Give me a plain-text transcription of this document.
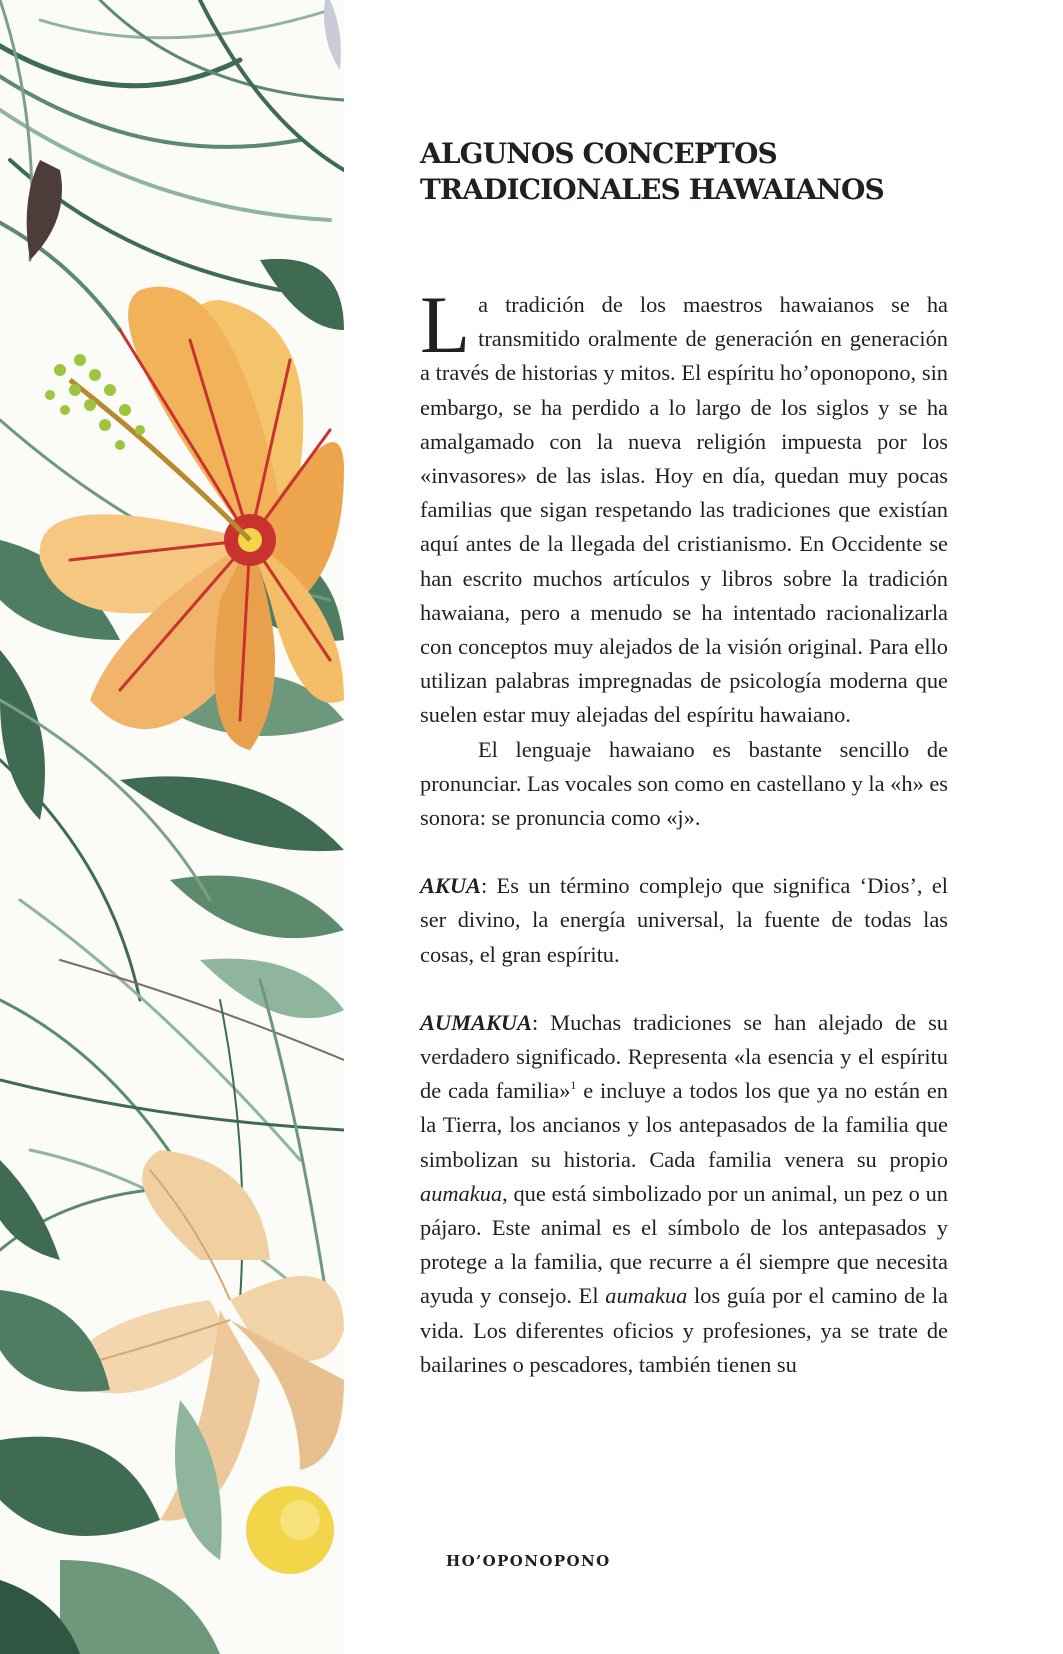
ALGUNOS CONCEPTOS
TRADICIONALES HAWAIANOS

La tradición de los maestros hawaianos se ha transmitido oralmente de generación en generación a través de historias y mitos. El espíritu ho’oponopono, sin embargo, se ha perdido a lo largo de los siglos y se ha amalgamado con la nueva religión impuesta por los «invasores» de las islas. Hoy en día, quedan muy pocas familias que sigan respetando las tradiciones que existían aquí antes de la llegada del cristianismo. En Occidente se han escrito muchos artículos y libros sobre la tradición hawaiana, pero a menudo se ha intentado racionalizarla con conceptos muy alejados de la visión original. Para ello utilizan palabras impregnadas de psicología moderna que suelen estar muy alejadas del espíritu hawaiano.

El lenguaje hawaiano es bastante sencillo de pronunciar. Las vocales son como en castellano y la «h» es sonora: se pronuncia como «j».

AKUA: Es un término complejo que significa ‘Dios’, el ser divino, la energía universal, la fuente de todas las cosas, el gran espíritu.

AUMAKUA: Muchas tradiciones se han alejado de su verdadero significado. Representa «la esencia y el espíritu de cada familia»$^1$ e incluye a todos los que ya no están en la Tierra, los ancianos y los antepasados de la familia que simbolizan su historia. Cada familia venera su propio aumakua, que está simbolizado por un animal, un pez o un pájaro. Este animal es el símbolo de los antepasados y protege a la familia, que recurre a él siempre que necesita ayuda y consejo. El aumakua los guía por el camino de la vida. Los diferentes oficios y profesiones, ya se trate de bailarines o pescadores, también tienen su

HO’OPONOPONO
